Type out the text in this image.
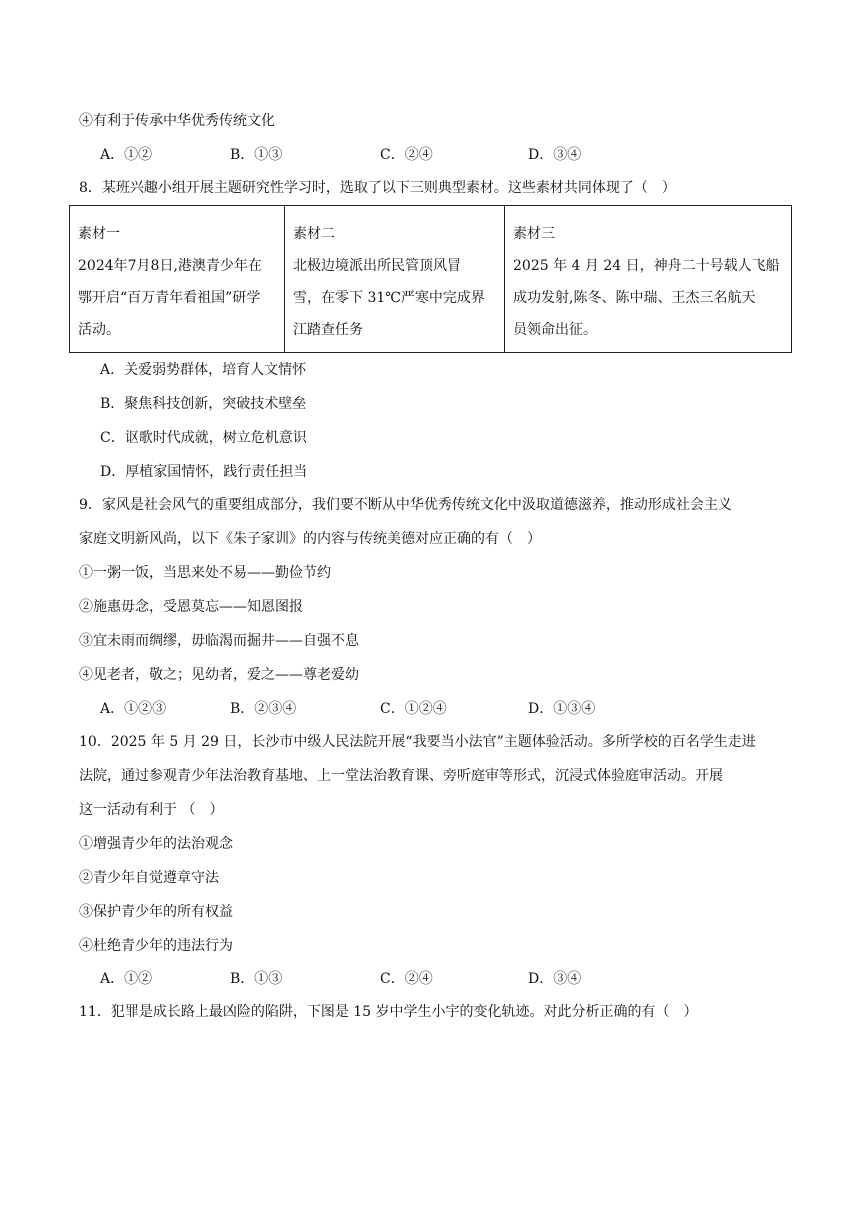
④有利于传承中华优秀传统文化
A．①②	B．①③	C．②④	D．③④
8．某班兴趣小组开展主题研究性学习时，选取了以下三则典型素材。这些素材共同体现了（　）
素材一
2024年7月8日,港澳青少年在
鄂开启“百万青年看祖国”研学
活动。

素材二
北极边境派出所民管顶风冒
雪，在零下 31℃严寒中完成界
江踏查任务

素材三
2025 年 4 月 24 日，神舟二十号载人飞船
成功发射,陈冬、陈中瑞、王杰三名航天
员领命出征。
A．关爱弱势群体，培育人文情怀
B．聚焦科技创新，突破技术壁垒
C．讴歌时代成就，树立危机意识
D．厚植家国情怀，践行责任担当
9．家风是社会风气的重要组成部分，我们要不断从中华优秀传统文化中汲取道德滋养，推动形成社会主义
家庭文明新风尚，以下《朱子家训》的内容与传统美德对应正确的有（　）
①一粥一饭，当思来处不易——勤俭节约
②施惠毋念，受恩莫忘——知恩图报
③宜未雨而绸缪，毋临渴而掘井——自强不息
④见老者，敬之；见幼者，爱之——尊老爱幼
A．①②③	B．②③④	C．①②④	D．①③④
10．2025 年 5 月 29 日，长沙市中级人民法院开展“我要当小法官”主题体验活动。多所学校的百名学生走进
法院，通过参观青少年法治教育基地、上一堂法治教育课、旁听庭审等形式，沉浸式体验庭审活动。开展
这一活动有利于 （　）
①增强青少年的法治观念
②青少年自觉遵章守法
③保护青少年的所有权益
④杜绝青少年的违法行为
A．①②	B．①③	C．②④	D．③④
11．犯罪是成长路上最凶险的陷阱，下图是 15 岁中学生小宇的变化轨迹。对此分析正确的有（　）
